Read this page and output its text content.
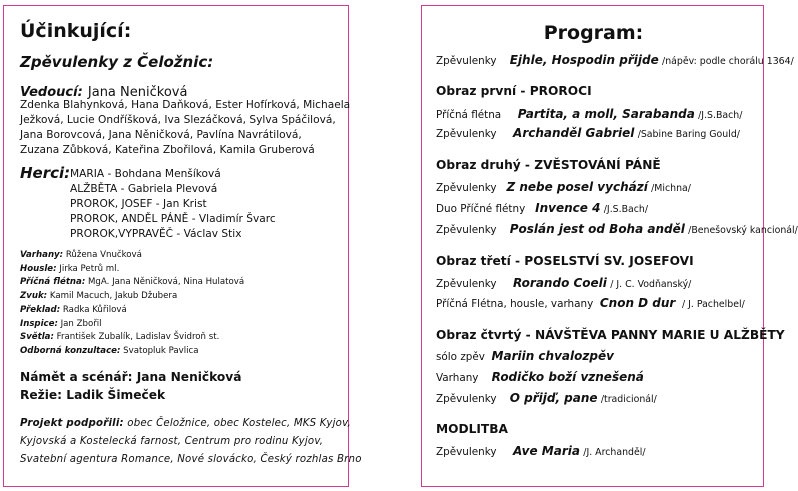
Účinkující:
Zpěvulenky z Čeložnic:
Vedoucí: Jana Neničková
Zdenka Blahynková, Hana Daňková, Ester Hofírková, Michaela
Ježková, Lucie Ondříšková, Iva Slezáčková, Sylva Spáčilová,
Jana Borovcová, Jana Něničková, Pavlína Navrátilová,
Zuzana Zůbková, Kateřina Zbořilová, Kamila Gruberová
Herci: MARIA - Bohdana Menšíková
ALŽBĚTA - Gabriela Plevová
PROROK, JOSEF - Jan Krist
PROROK, ANDĚL PÁNĚ - Vladimír Švarc
PROROK,VYPRAVĚČ - Václav Stix
Varhany: Růžena Vnučková
Housle: Jirka Petrů ml.
Příčná flétna: MgA. Jana Něničková, Nina Hulatová
Zvuk: Kamil Macuch, Jakub Džubera
Překlad: Radka Kůřilová
Inspice: Jan Zbořil
Světla: František Zubalík, Ladislav Švidroň st.
Odborná konzultace: Svatopluk Pavlica
Námět a scénář: Jana Neničková
Režie: Ladik Šimeček
Projekt podpořili: obec Čeložnice, obec Kostelec, MKS Kyjov,
Kyjovská a Kostelecká farnost, Centrum pro rodinu Kyjov,
Svatební agentura Romance, Nové slovácko, Český rozhlas Brno
Program:
Zpěvulenky Ejhle, Hospodin přijde /nápěv: podle chorálu 1364/
Obraz první - PROROCI
Příčná flétna Partita, a moll, Sarabanda /J.S.Bach/
Zpěvulenky Archanděl Gabriel /Sabine Baring Gould/
Obraz druhý - ZVĚSTOVÁNÍ PÁNĚ
Zpěvulenky Z nebe posel vychází /Michna/
Duo Příčné flétny Invence 4 /J.S.Bach/
Zpěvulenky Poslán jest od Boha anděl /Benešovský kancionál/
Obraz třetí - POSELSTVÍ SV. JOSEFOVI
Zpěvulenky Rorando Coeli / J. C. Vodňanský/
Příčná Flétna, housle, varhany Cnon D dur / J. Pachelbel/
Obraz čtvrtý - NÁVŠTĚVA PANNY MARIE U ALŽBĚTY
sólo zpěv Mariin chvalozpěv
Varhany Rodičko boží vznešená
Zpěvulenky O přijď, pane /tradicionál/
MODLITBA
Zpěvulenky Ave Maria /J. Archanděl/
